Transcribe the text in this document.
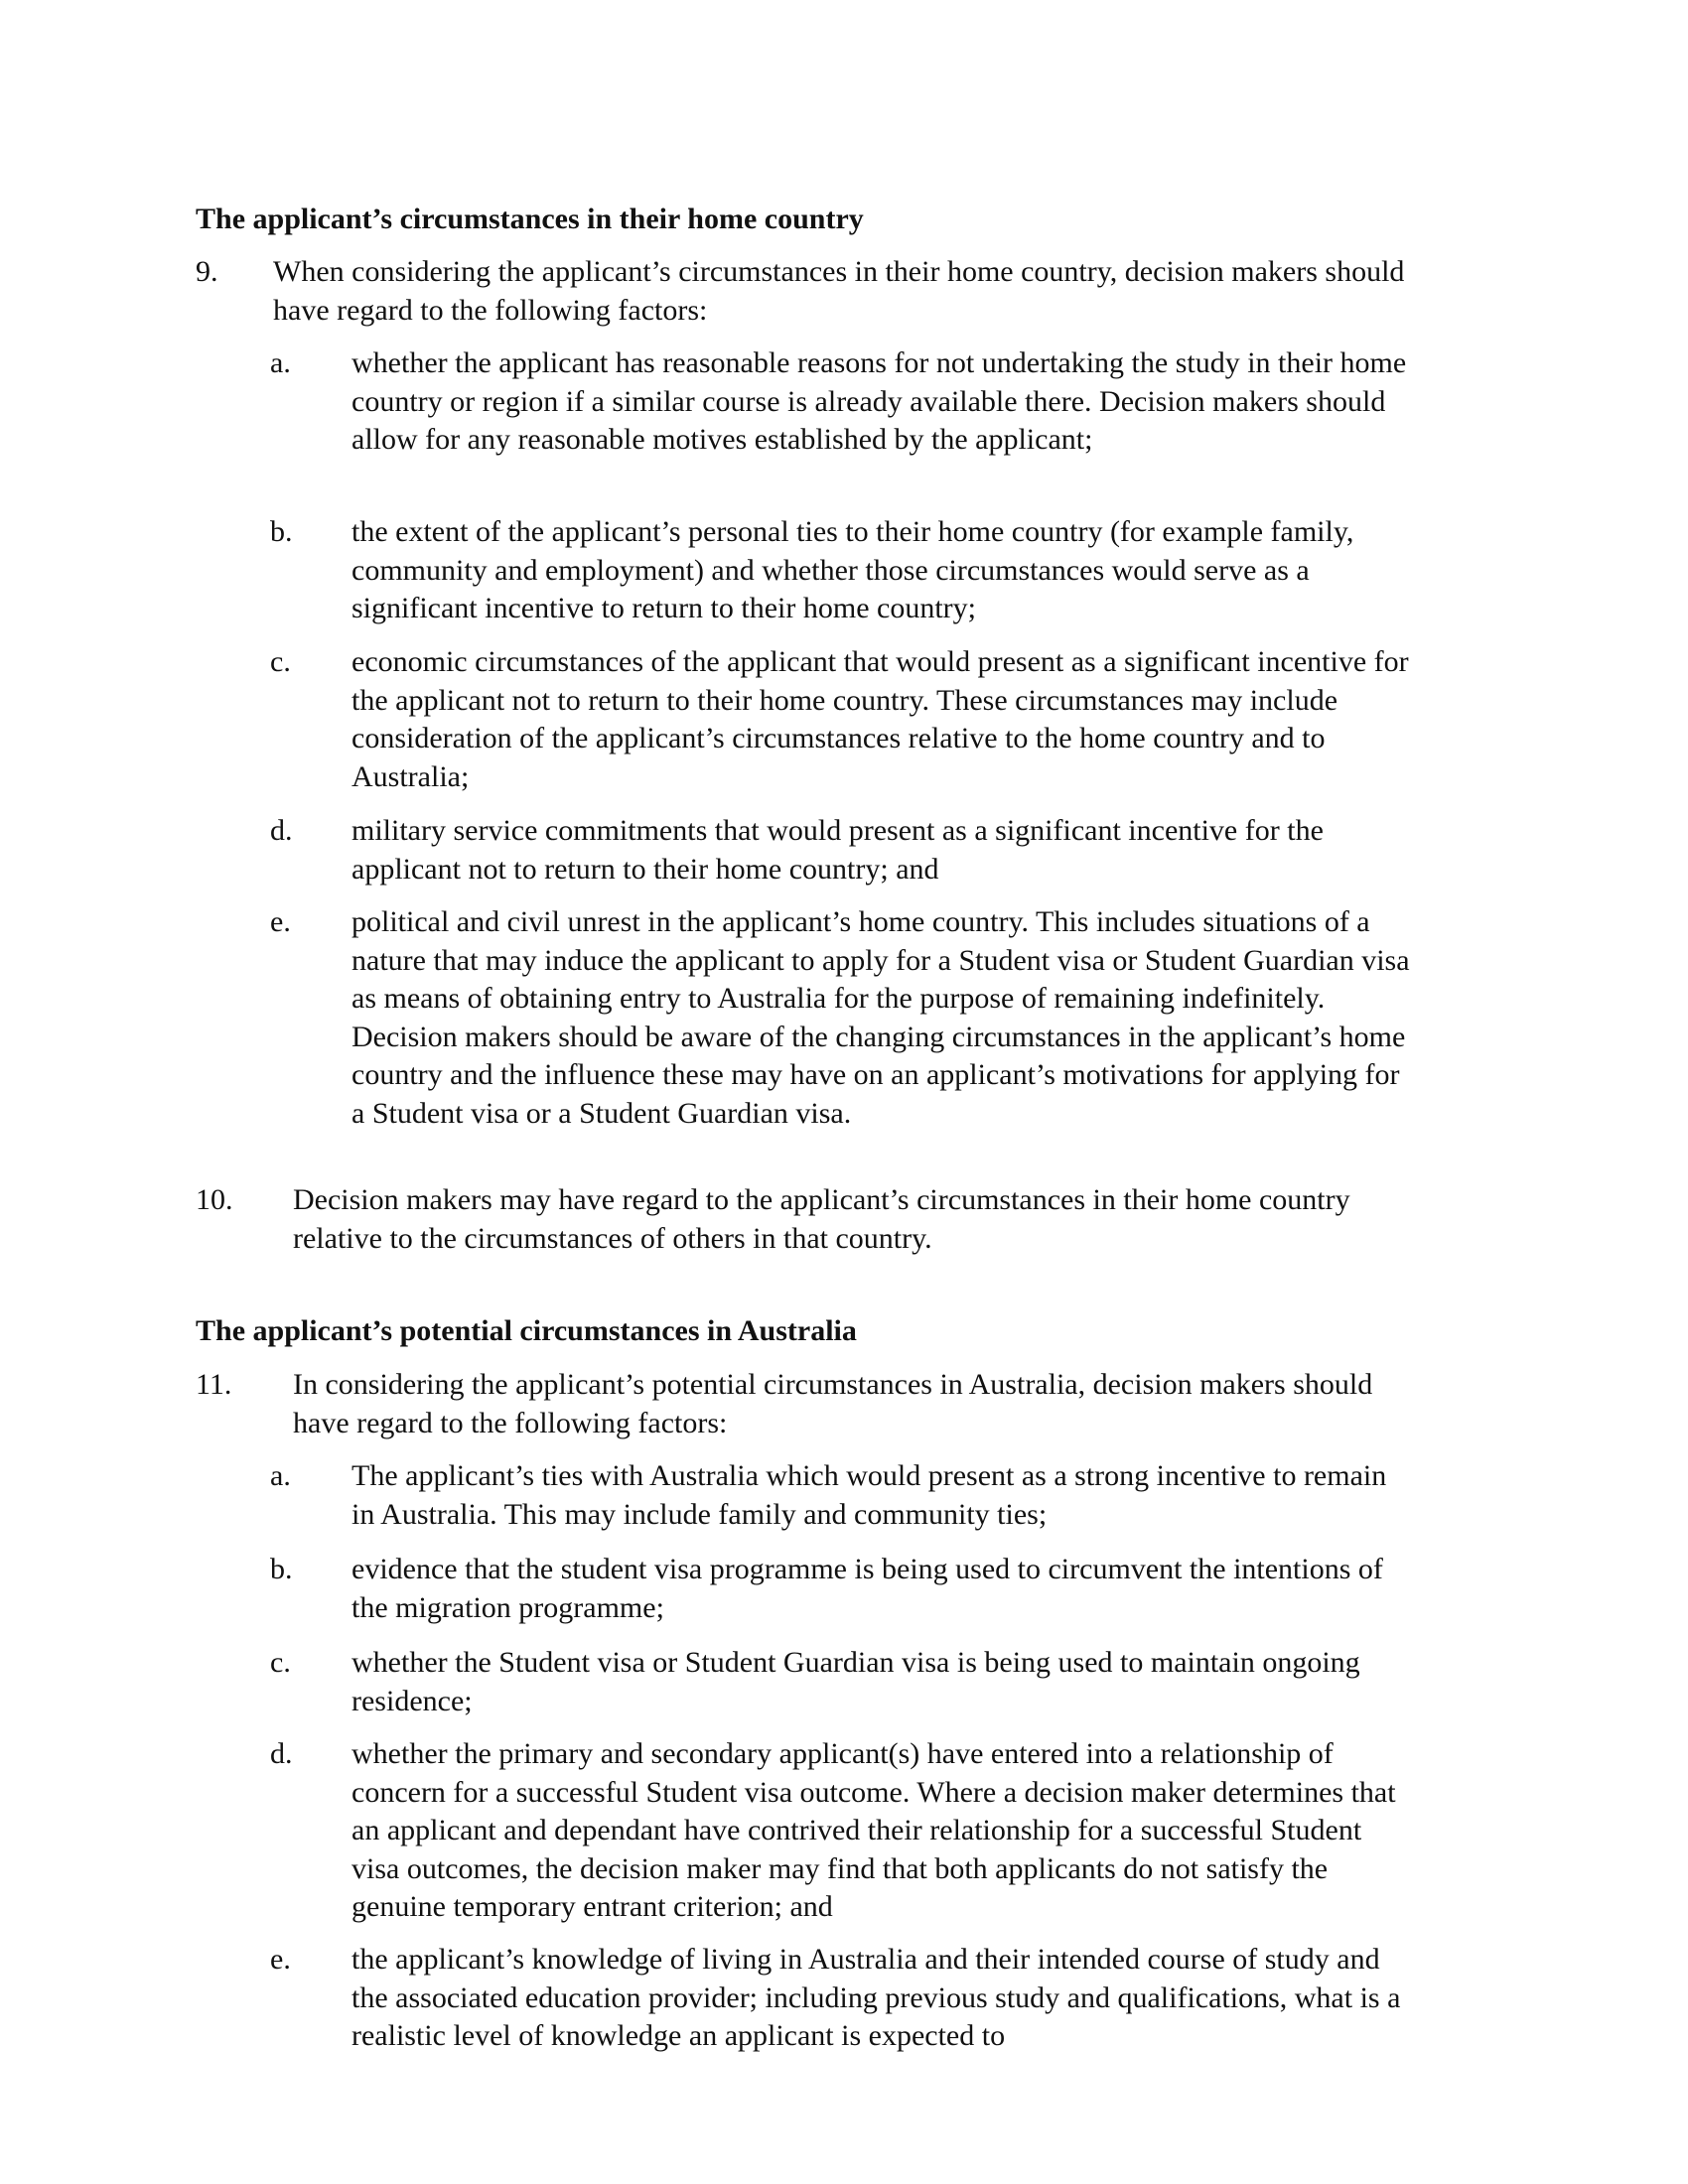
The applicant’s circumstances in their home country
9. When considering the applicant’s circumstances in their home country, decision makers should have regard to the following factors:
a. whether the applicant has reasonable reasons for not undertaking the study in their home country or region if a similar course is already available there. Decision makers should allow for any reasonable motives established by the applicant;
b. the extent of the applicant’s personal ties to their home country (for example family, community and employment) and whether those circumstances would serve as a significant incentive to return to their home country;
c. economic circumstances of the applicant that would present as a significant incentive for the applicant not to return to their home country. These circumstances may include consideration of the applicant’s circumstances relative to the home country and to Australia;
d. military service commitments that would present as a significant incentive for the applicant not to return to their home country; and
e. political and civil unrest in the applicant’s home country. This includes situations of a nature that may induce the applicant to apply for a Student visa or Student Guardian visa as means of obtaining entry to Australia for the purpose of remaining indefinitely. Decision makers should be aware of the changing circumstances in the applicant’s home country and the influence these may have on an applicant’s motivations for applying for a Student visa or a Student Guardian visa.
10. Decision makers may have regard to the applicant’s circumstances in their home country relative to the circumstances of others in that country.
The applicant’s potential circumstances in Australia
11. In considering the applicant’s potential circumstances in Australia, decision makers should have regard to the following factors:
a. The applicant’s ties with Australia which would present as a strong incentive to remain in Australia. This may include family and community ties;
b. evidence that the student visa programme is being used to circumvent the intentions of the migration programme;
c. whether the Student visa or Student Guardian visa is being used to maintain ongoing residence;
d. whether the primary and secondary applicant(s) have entered into a relationship of concern for a successful Student visa outcome. Where a decision maker determines that an applicant and dependant have contrived their relationship for a successful Student visa outcomes, the decision maker may find that both applicants do not satisfy the genuine temporary entrant criterion; and
e. the applicant’s knowledge of living in Australia and their intended course of study and the associated education provider; including previous study and qualifications, what is a realistic level of knowledge an applicant is expected to
